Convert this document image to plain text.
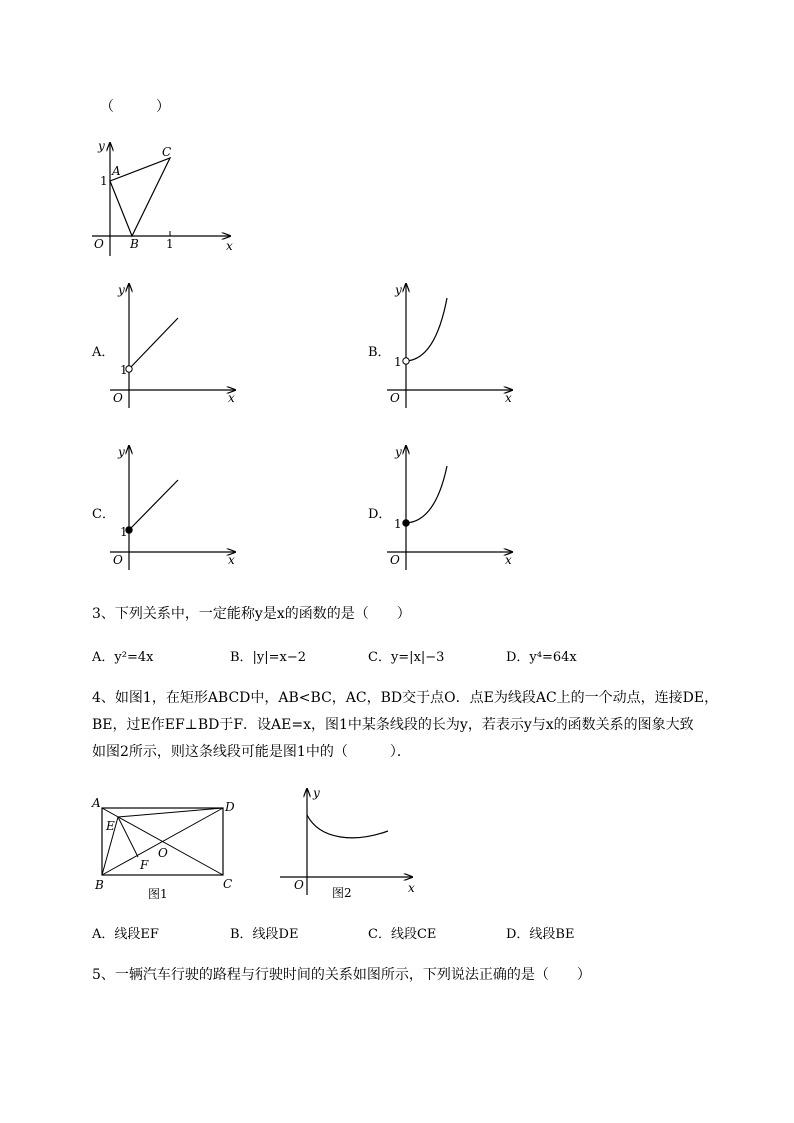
（　　　）
y
x
O
1
A
B
C
1
A．
y
x
O
1
B．
y
x
O
1
C．
y
x
O
1
D．
y
x
O
1
3、下列关系中，一定能称y是x的函数的是（　　）
A．y²=4x	B．|y|=x−2	C．y=|x|−3	D．y⁴=64x
4、如图1，在矩形ABCD中，AB<BC，AC，BD交于点O．点E为线段AC上的一个动点，连接DE，
BE，过E作EF⊥BD于F．设AE=x，图1中某条线段的长为y，若表示y与x的函数关系的图象大致
如图2所示，则这条线段可能是图1中的（　　　）．
A
B	C
D
E
F
O
图1
y
x
O
图2
A．线段EF	B．线段DE	C．线段CE	D．线段BE
5、一辆汽车行驶的路程与行驶时间的关系如图所示，下列说法正确的是（　　）
